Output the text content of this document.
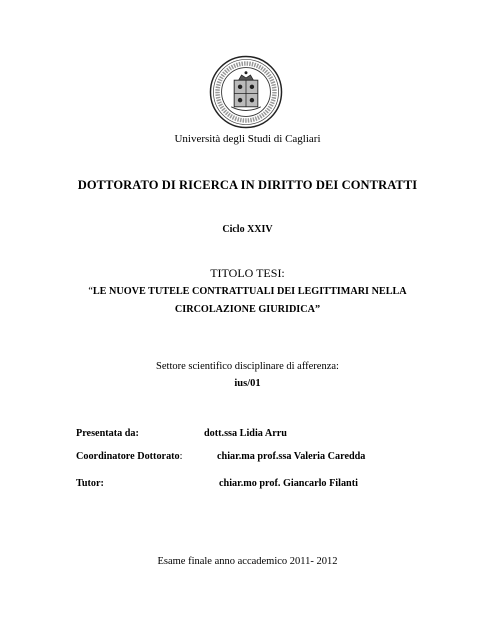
Università degli Studi di Cagliari
DOTTORATO DI RICERCA IN DIRITTO DEI CONTRATTI
Ciclo XXIV
TITOLO TESI:
“LE NUOVE TUTELE CONTRATTUALI DEI LEGITTIMARI NELLA
CIRCOLAZIONE GIURIDICA”
Settore scientifico disciplinare di afferenza:
ius/01
Presentata da:	dott.ssa Lidia Arru
Coordinatore Dottorato:	chiar.ma prof.ssa Valeria Caredda
Tutor:	chiar.mo prof. Giancarlo Filanti
Esame finale anno accademico 2011- 2012
